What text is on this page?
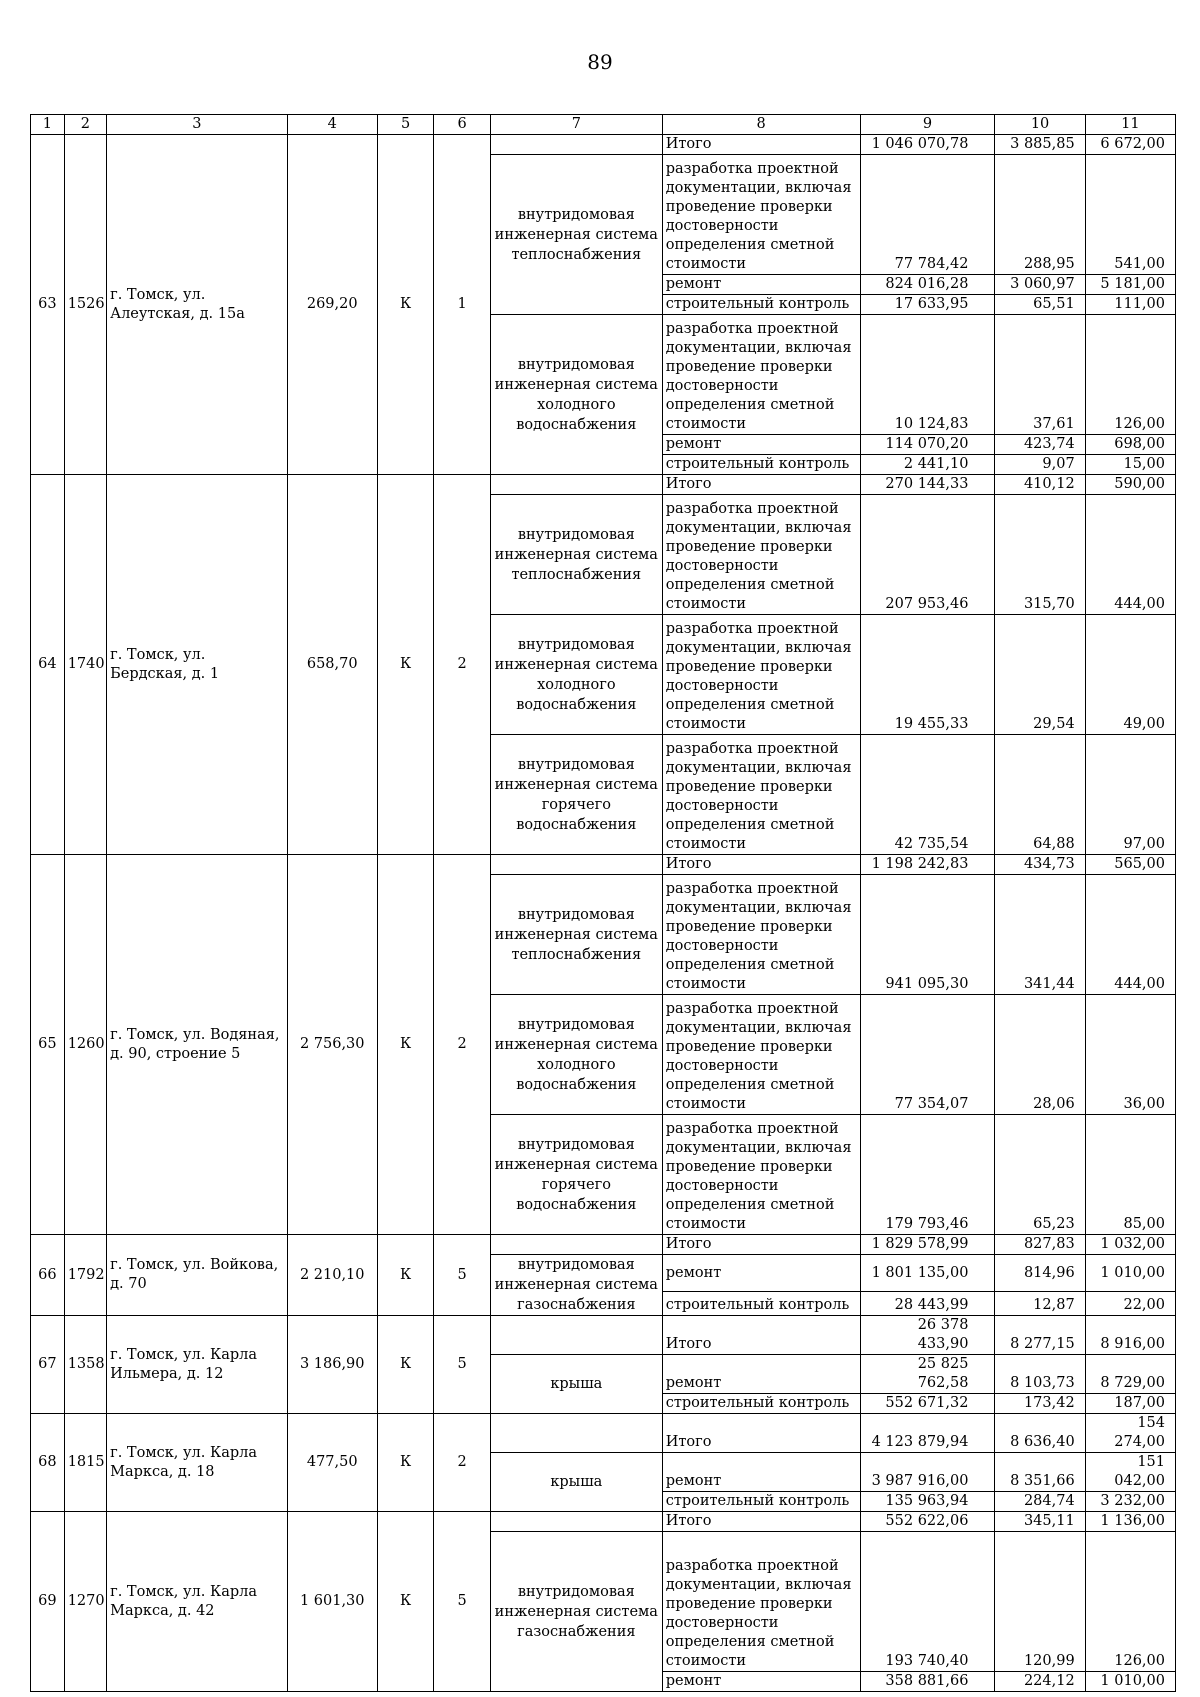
89
1	2	3	4	5	6	7	8	9	10	11
63	1526	г. Томск, ул. Алеутская, д. 15а	269,20	К	1		Итого	1 046 070,78	3 885,85	6 672,00
						внутридомовая инженерная система теплоснабжения	разработка проектной документации, включая проведение проверки достоверности определения сметной стоимости	77 784,42	288,95	541,00
							ремонт	824 016,28	3 060,97	5 181,00
							строительный контроль	17 633,95	65,51	111,00
						внутридомовая инженерная система холодного водоснабжения	разработка проектной документации, включая проведение проверки достоверности определения сметной стоимости	10 124,83	37,61	126,00
							ремонт	114 070,20	423,74	698,00
							строительный контроль	2 441,10	9,07	15,00
64	1740	г. Томск, ул. Бердская, д. 1	658,70	К	2		Итого	270 144,33	410,12	590,00
						внутридомовая инженерная система теплоснабжения	разработка проектной документации, включая проведение проверки достоверности определения сметной стоимости	207 953,46	315,70	444,00
						внутридомовая инженерная система холодного водоснабжения	разработка проектной документации, включая проведение проверки достоверности определения сметной стоимости	19 455,33	29,54	49,00
						внутридомовая инженерная система горячего водоснабжения	разработка проектной документации, включая проведение проверки достоверности определения сметной стоимости	42 735,54	64,88	97,00
65	1260	г. Томск, ул. Водяная, д. 90, строение 5	2 756,30	К	2		Итого	1 198 242,83	434,73	565,00
						внутридомовая инженерная система теплоснабжения	разработка проектной документации, включая проведение проверки достоверности определения сметной стоимости	941 095,30	341,44	444,00
						внутридомовая инженерная система холодного водоснабжения	разработка проектной документации, включая проведение проверки достоверности определения сметной стоимости	77 354,07	28,06	36,00
						внутридомовая инженерная система горячего водоснабжения	разработка проектной документации, включая проведение проверки достоверности определения сметной стоимости	179 793,46	65,23	85,00
66	1792	г. Томск, ул. Войкова, д. 70	2 210,10	К	5		Итого	1 829 578,99	827,83	1 032,00
						внутридомовая инженерная система газоснабжения	ремонт	1 801 135,00	814,96	1 010,00
							строительный контроль	28 443,99	12,87	22,00
67	1358	г. Томск, ул. Карла Ильмера, д. 12	3 186,90	К	5		Итого	26 378 433,90	8 277,15	8 916,00
						крыша	ремонт	25 825 762,58	8 103,73	8 729,00
							строительный контроль	552 671,32	173,42	187,00
68	1815	г. Томск, ул. Карла Маркса, д. 18	477,50	К	2		Итого	4 123 879,94	8 636,40	154 274,00
						крыша	ремонт	3 987 916,00	8 351,66	151 042,00
							строительный контроль	135 963,94	284,74	3 232,00
69	1270	г. Томск, ул. Карла Маркса, д. 42	1 601,30	К	5		Итого	552 622,06	345,11	1 136,00
						внутридомовая инженерная система газоснабжения	разработка проектной документации, включая проведение проверки достоверности определения сметной стоимости	193 740,40	120,99	126,00
							ремонт	358 881,66	224,12	1 010,00
